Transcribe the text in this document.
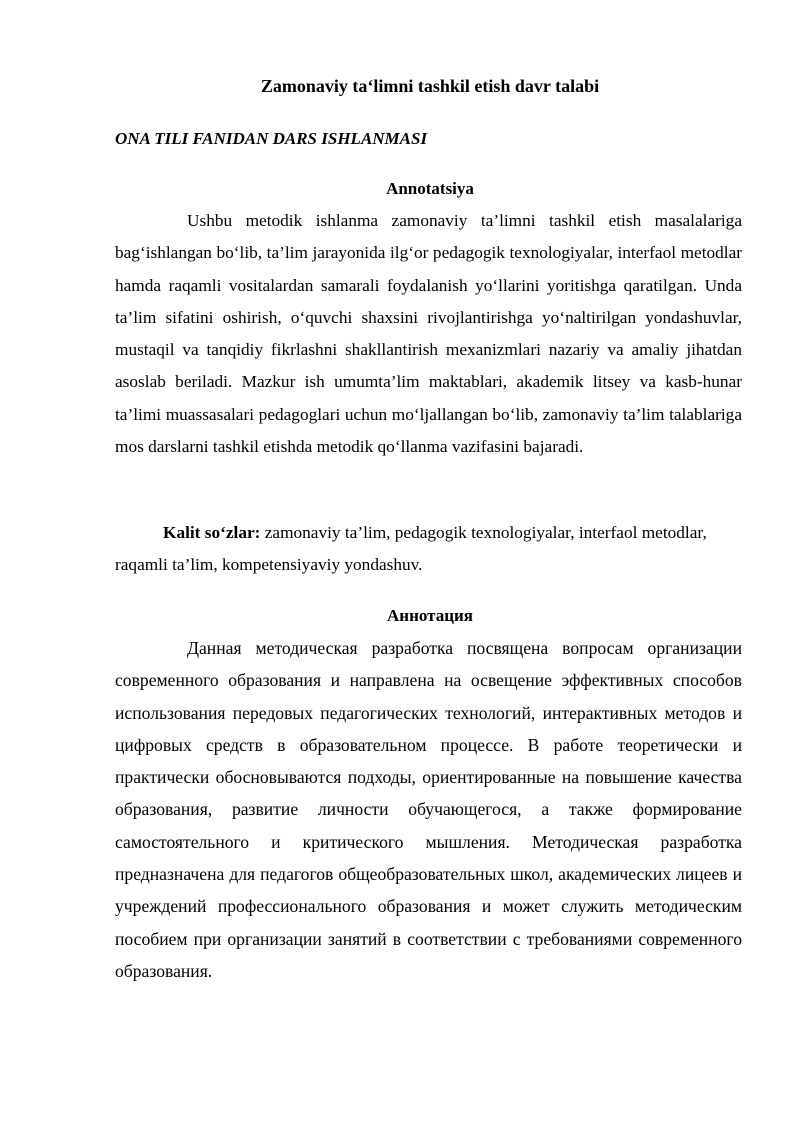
Zamonaviy ta‘limni tashkil etish davr talabi
ONA TILI FANIDAN DARS ISHLANMASI
Annotatsiya

Ushbu metodik ishlanma zamonaviy ta’limni tashkil etish masalalariga bag‘ishlangan bo‘lib, ta’lim jarayonida ilg‘or pedagogik texnologiyalar, interfaol metodlar hamda raqamli vositalardan samarali foydalanish yo‘llarini yoritishga qaratilgan. Unda ta’lim sifatini oshirish, o‘quvchi shaxsini rivojlantirishga yo‘naltirilgan yondashuvlar, mustaqil va tanqidiy fikrlashni shakllantirish mexanizmlari nazariy va amaliy jihatdan asoslab beriladi. Mazkur ish umumta’lim maktablari, akademik litsey va kasb-hunar ta’limi muassasalari pedagoglari uchun mo‘ljallangan bo‘lib, zamonaviy ta’lim talablariga mos darslarni tashkil etishda metodik qo‘llanma vazifasini bajaradi.

Kalit so‘zlar: zamonaviy ta’lim, pedagogik texnologiyalar, interfaol metodlar, raqamli ta’lim, kompetensiyaviy yondashuv.

Аннотация

Данная методическая разработка посвящена вопросам организации современного образования и направлена на освещение эффективных способов использования передовых педагогических технологий, интерактивных методов и цифровых средств в образовательном процессе. В работе теоретически и практически обосновываются подходы, ориентированные на повышение качества образования, развитие личности обучающегося, а также формирование самостоятельного и критического мышления. Методическая разработка предназначена для педагогов общеобразовательных школ, академических лицеев и учреждений профессионального образования и может служить методическим пособием при организации занятий в соответствии с требованиями современного образования.
